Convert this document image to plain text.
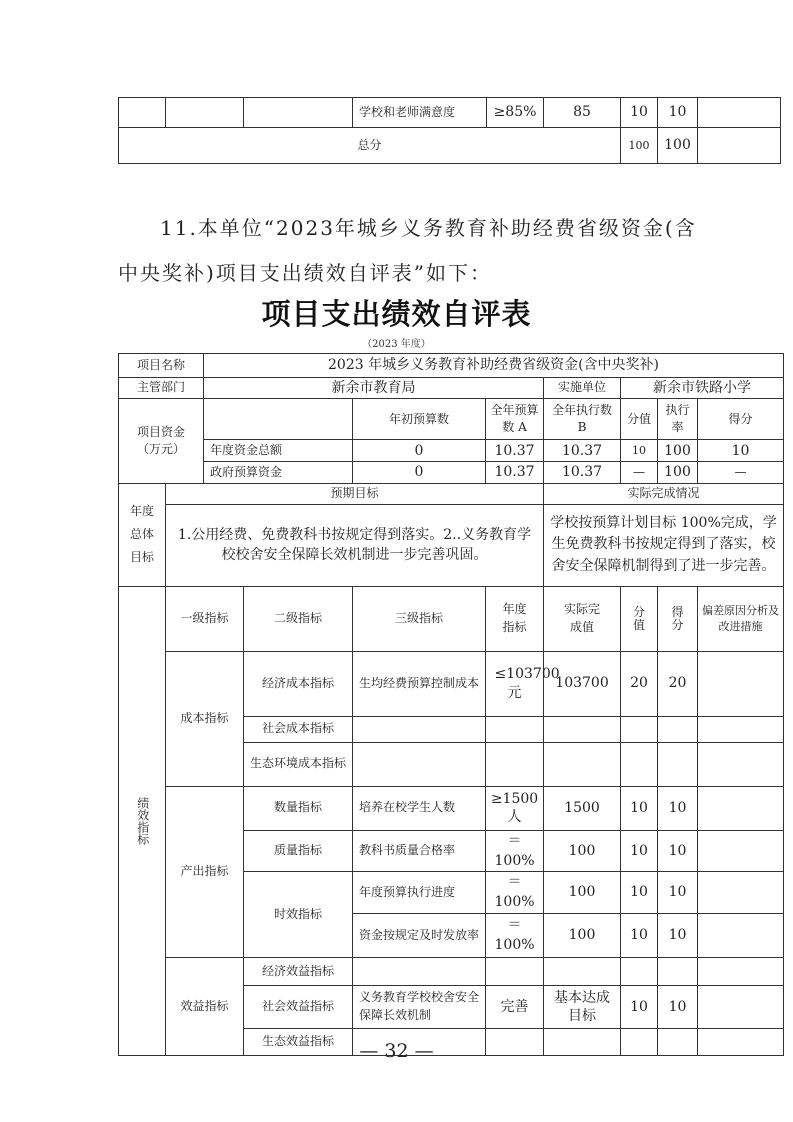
			学校和老师满意度	≥85%	85	10	10	
总分						100	100	
11.本单位“2023年城乡义务教育补助经费省级资金(含
中央奖补)项目支出绩效自评表”如下：
项目支出绩效自评表
（2023 年度）
项目名称		2023 年城乡义务教育补助经费省级资金(含中央奖补)							
主管部门		新余市教育局				实施单位	新余市铁路小学		

项目资金
（万元）				年初预算数	全年预算数 A	全年执行数 B	分值	执行率	得分
		年度资金总额		0	10.37	10.37	10	100	10
		政府预算资金		0	10.37	10.37	—	100	—

年度总体目标	预期目标					实际完成情况			
	1.公用经费、免费教科书按规定得到落实。2..义务教育学校校舍安全保障长效机制进一步完善巩固。					学校按预算计划目标 100%完成，学生免费教科书按规定得到了落实，校舍安全保障机制得到了进一步完善。			

绩效指标	一级指标		二级指标	三级指标	年度指标	实际完成值	分值	得分	偏差原因分析及改进措施
	成本指标		经济成本指标	生均经费预算控制成本	≤103700元	103700	20	20	
			社会成本指标						
			生态环境成本指标						
	产出指标		数量指标	培养在校学生人数	≥1500人	1500	10	10	
			质量指标	教科书质量合格率	＝100%	100	10	10	
			时效指标	年度预算执行进度	＝100%	100	10	10	
				资金按规定及时发放率	＝100%	100	10	10	
	效益指标		经济效益指标						
			社会效益指标	义务教育学校校舍安全保障长效机制	完善	基本达成目标	10	10	
			生态效益指标							— 32 —
